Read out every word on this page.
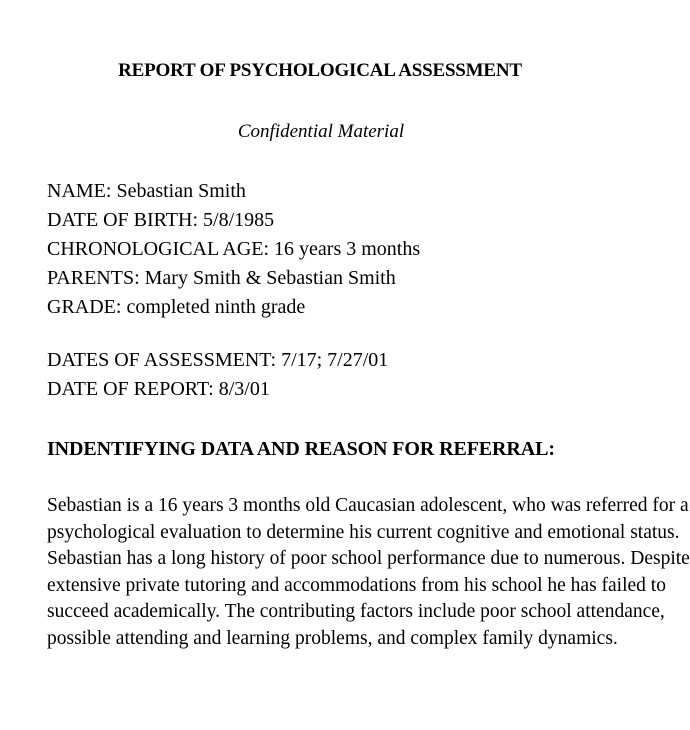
REPORT OF PSYCHOLOGICAL ASSESSMENT
Confidential Material
NAME: Sebastian Smith
DATE OF BIRTH: 5/8/1985
CHRONOLOGICAL AGE: 16 years 3 months
PARENTS: Mary Smith & Sebastian Smith
GRADE: completed ninth grade
DATES OF ASSESSMENT: 7/17; 7/27/01
DATE OF REPORT: 8/3/01
INDENTIFYING DATA AND REASON FOR REFERRAL:
Sebastian is a 16 years 3 months old Caucasian adolescent, who was referred for a
psychological evaluation to determine his current cognitive and emotional status.
Sebastian has a long history of poor school performance due to numerous. Despite
extensive private tutoring and accommodations from his school he has failed to
succeed academically. The contributing factors include poor school attendance,
possible attending and learning problems, and complex family dynamics.
